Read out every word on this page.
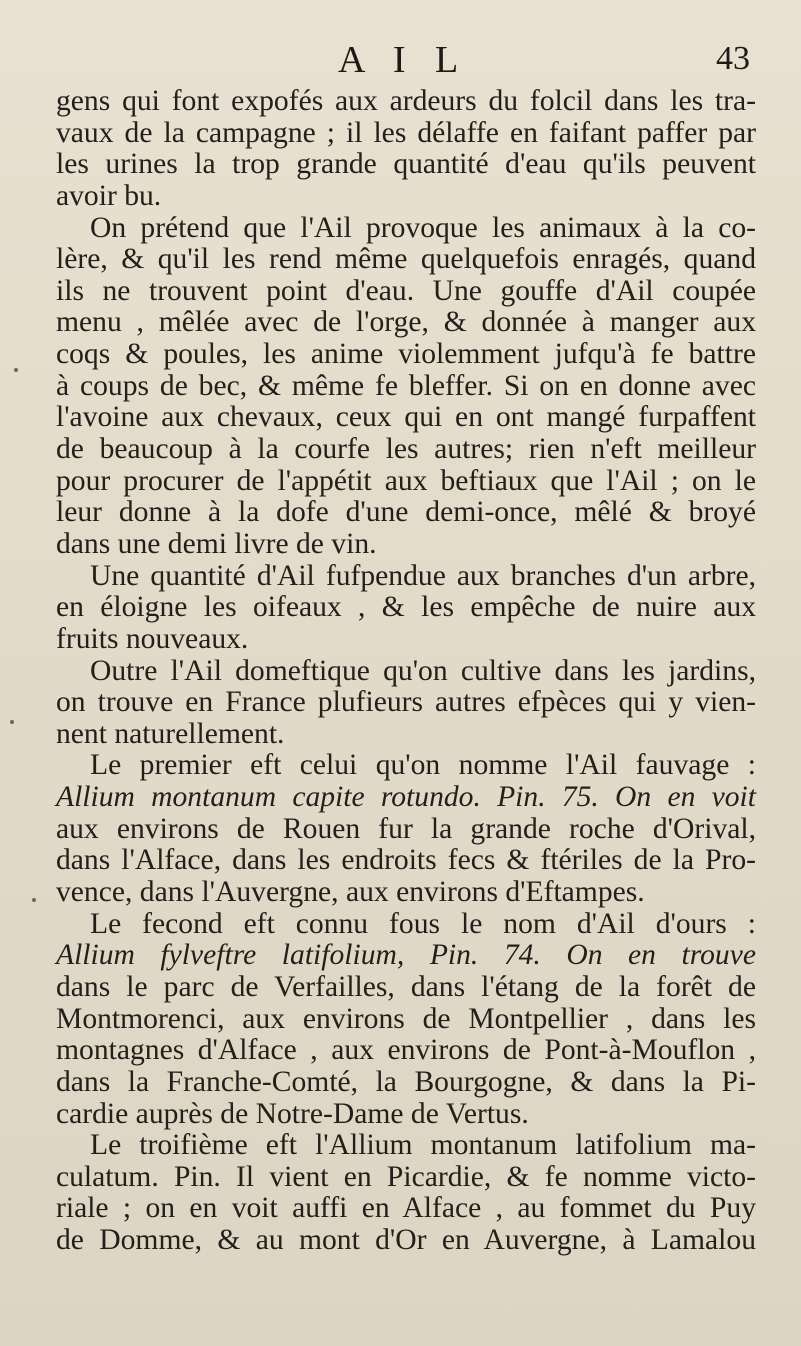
A I L	43
gens qui font expofés aux ardeurs du folcil dans les tra-
vaux de la campagne ; il les délaffe en faifant paffer par
les urines la trop grande quantité d'eau qu'ils peuvent
avoir bu.
On prétend que l'Ail provoque les animaux à la co-
lère, & qu'il les rend même quelquefois enragés, quand
ils ne trouvent point d'eau. Une gouffe d'Ail coupée
menu , mêlée avec de l'orge, & donnée à manger aux
coqs & poules, les anime violemment jufqu'à fe battre
à coups de bec, & même fe bleffer. Si on en donne avec
l'avoine aux chevaux, ceux qui en ont mangé furpaffent
de beaucoup à la courfe les autres; rien n'eft meilleur
pour procurer de l'appétit aux beftiaux que l'Ail ; on le
leur donne à la dofe d'une demi-once, mêlé & broyé
dans une demi livre de vin.
Une quantité d'Ail fufpendue aux branches d'un arbre,
en éloigne les oifeaux , & les empêche de nuire aux
fruits nouveaux.
Outre l'Ail domeftique qu'on cultive dans les jardins,
on trouve en France plufieurs autres efpèces qui y vien-
nent naturellement.
Le premier eft celui qu'on nomme l'Ail fauvage :
Allium montanum capite rotundo. Pin. 75. On en voit
aux environs de Rouen fur la grande roche d'Orival,
dans l'Alface, dans les endroits fecs & ftériles de la Pro-
vence, dans l'Auvergne, aux environs d'Eftampes.
Le fecond eft connu fous le nom d'Ail d'ours :
Allium fylveftre latifolium, Pin. 74. On en trouve
dans le parc de Verfailles, dans l'étang de la forêt de
Montmorenci, aux environs de Montpellier , dans les
montagnes d'Alface , aux environs de Pont-à-Mouflon ,
dans la Franche-Comté, la Bourgogne, & dans la Pi-
cardie auprès de Notre-Dame de Vertus.
Le troifième eft l'Allium montanum latifolium ma-
culatum. Pin. Il vient en Picardie, & fe nomme victo-
riale ; on en voit auffi en Alface , au fommet du Puy
de Domme, & au mont d'Or en Auvergne, à Lamalou
